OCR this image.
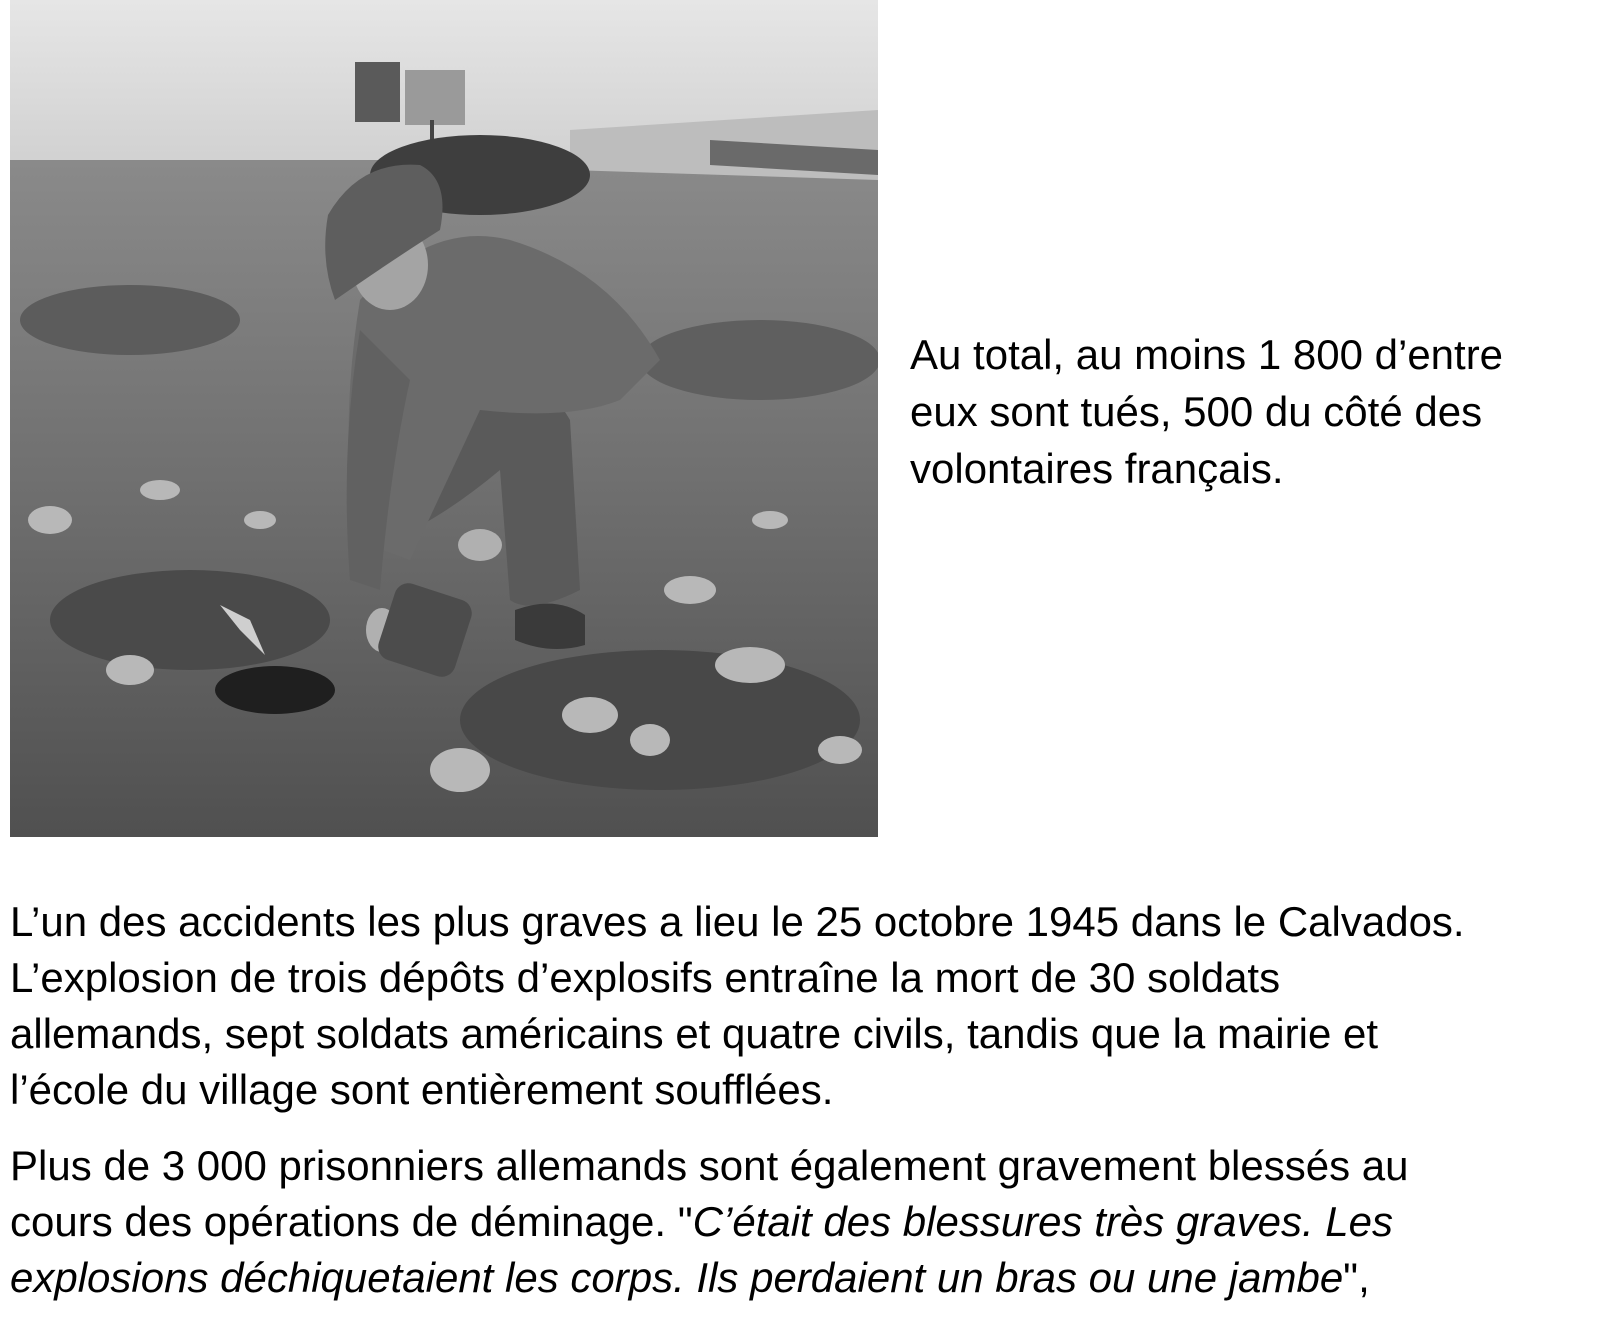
Au total, au moins 1 800 d’entre
eux sont tués, 500 du côté des
volontaires français.

L’un des accidents les plus graves a lieu le 25 octobre 1945 dans le Calvados.
L’explosion de trois dépôts d’explosifs entraîne la mort de 30 soldats
allemands, sept soldats américains et quatre civils, tandis que la mairie et
l’école du village sont entièrement soufflées.

Plus de 3 000 prisonniers allemands sont également gravement blessés au
cours des opérations de déminage. "C’était des blessures très graves. Les
explosions déchiquetaient les corps. Ils perdaient un bras ou une jambe",
